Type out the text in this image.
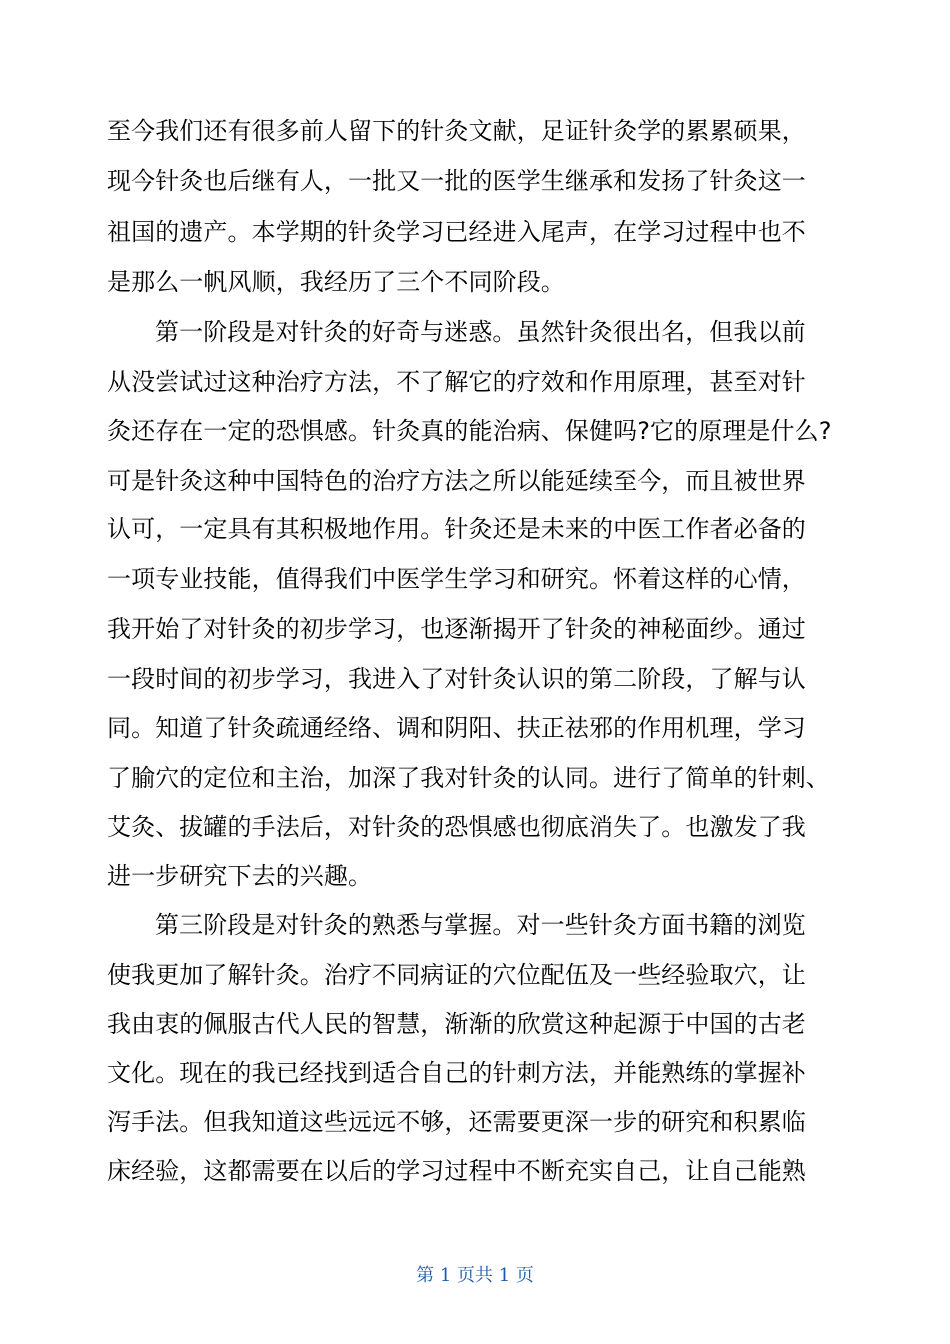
至今我们还有很多前人留下的针灸文献，足证针灸学的累累硕果，
现今针灸也后继有人，一批又一批的医学生继承和发扬了针灸这一
祖国的遗产。本学期的针灸学习已经进入尾声，在学习过程中也不
是那么一帆风顺，我经历了三个不同阶段。
第一阶段是对针灸的好奇与迷惑。虽然针灸很出名，但我以前
从没尝试过这种治疗方法，不了解它的疗效和作用原理，甚至对针
灸还存在一定的恐惧感。针灸真的能治病、保健吗?它的原理是什么?
可是针灸这种中国特色的治疗方法之所以能延续至今，而且被世界
认可，一定具有其积极地作用。针灸还是未来的中医工作者必备的
一项专业技能，值得我们中医学生学习和研究。怀着这样的心情，
我开始了对针灸的初步学习，也逐渐揭开了针灸的神秘面纱。通过
一段时间的初步学习，我进入了对针灸认识的第二阶段，了解与认
同。知道了针灸疏通经络、调和阴阳、扶正祛邪的作用机理，学习
了腧穴的定位和主治，加深了我对针灸的认同。进行了简单的针刺、
艾灸、拔罐的手法后，对针灸的恐惧感也彻底消失了。也激发了我
进一步研究下去的兴趣。
第三阶段是对针灸的熟悉与掌握。对一些针灸方面书籍的浏览
使我更加了解针灸。治疗不同病证的穴位配伍及一些经验取穴，让
我由衷的佩服古代人民的智慧，渐渐的欣赏这种起源于中国的古老
文化。现在的我已经找到适合自己的针刺方法，并能熟练的掌握补
泻手法。但我知道这些远远不够，还需要更深一步的研究和积累临
床经验，这都需要在以后的学习过程中不断充实自己，让自己能熟
第 1 页共 1 页
